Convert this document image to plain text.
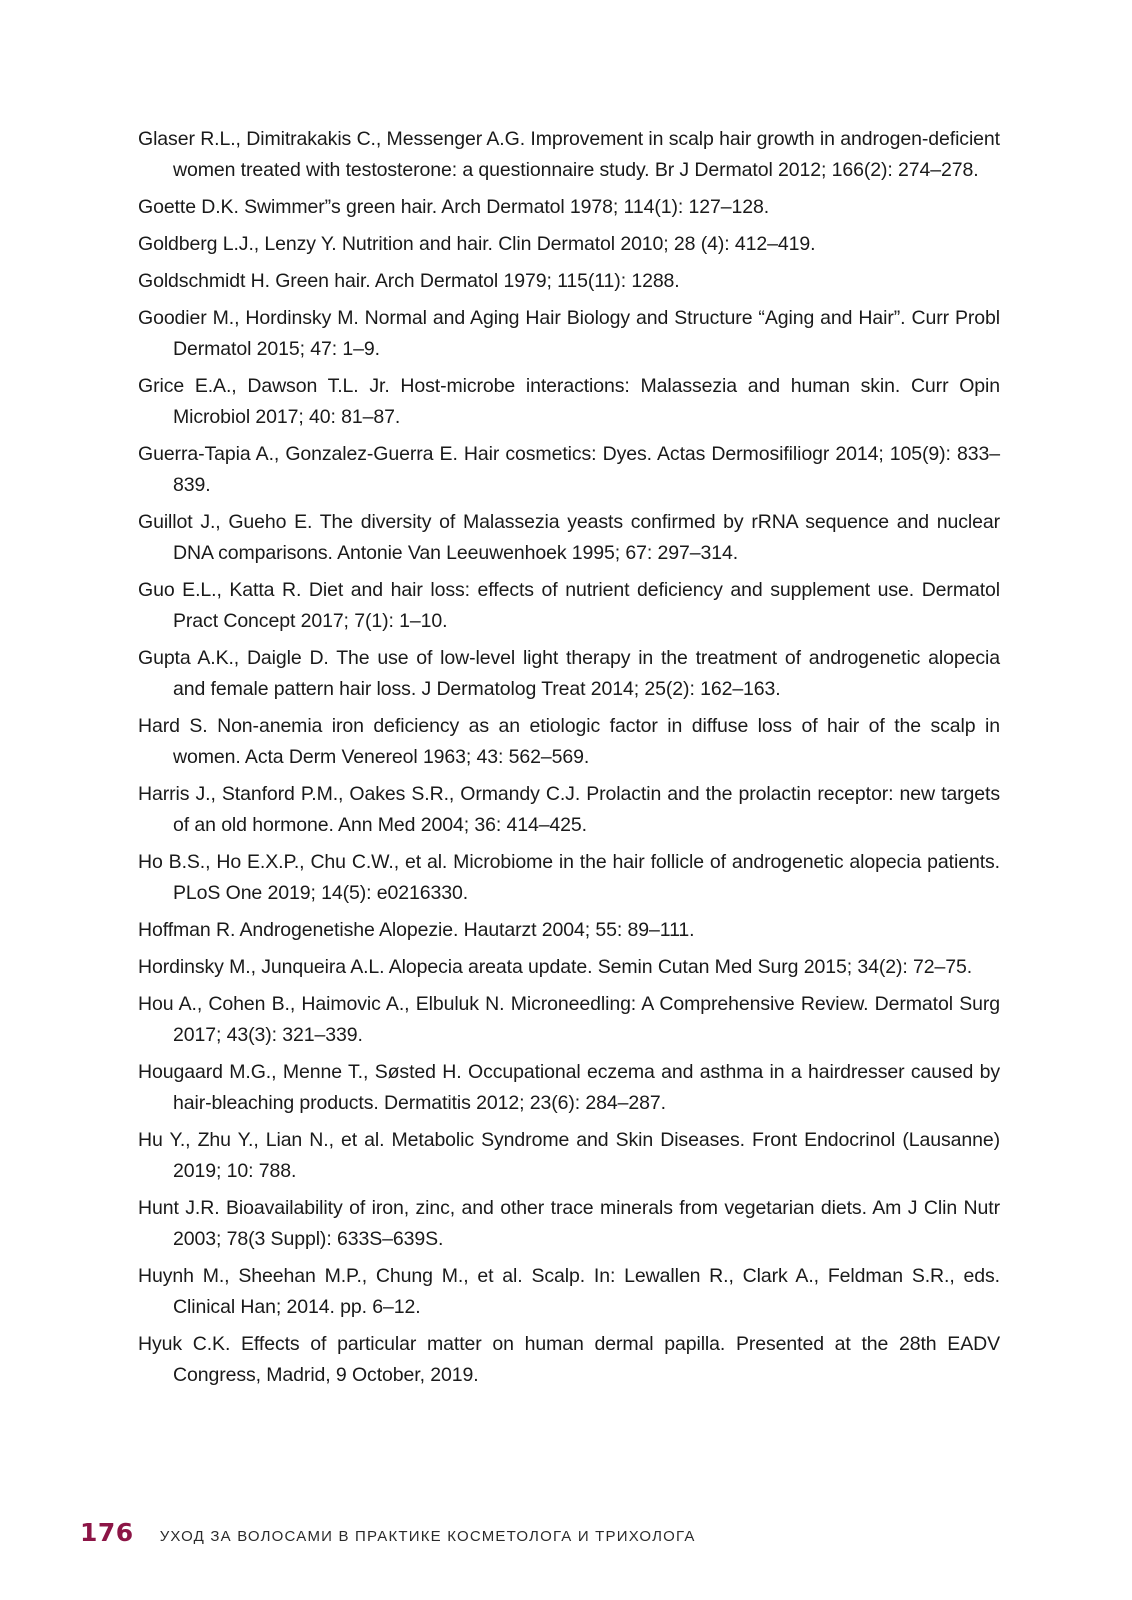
Glaser R.L., Dimitrakakis C., Messenger A.G. Improvement in scalp hair growth in androgen-deficient women treated with testosterone: a questionnaire study. Br J Dermatol 2012; 166(2): 274–278.

Goette D.K. Swimmer”s green hair. Arch Dermatol 1978; 114(1): 127–128.

Goldberg L.J., Lenzy Y. Nutrition and hair. Clin Dermatol 2010; 28 (4): 412–419.

Goldschmidt H. Green hair. Arch Dermatol 1979; 115(11): 1288.

Goodier M., Hordinsky M. Normal and Aging Hair Biology and Structure “Aging and Hair”. Curr Probl Dermatol 2015; 47: 1–9.

Grice E.A., Dawson T.L. Jr. Host-microbe interactions: Malassezia and human skin. Curr Opin Microbiol 2017; 40: 81–87.

Guerra-Tapia A., Gonzalez-Guerra E. Hair cosmetics: Dyes. Actas Dermosifiliogr 2014; 105(9): 833–839.

Guillot J., Gueho E. The diversity of Malassezia yeasts confirmed by rRNA sequence and nuclear DNA comparisons. Antonie Van Leeuwenhoek 1995; 67: 297–314.

Guo E.L., Katta R. Diet and hair loss: effects of nutrient deficiency and supplement use. Dermatol Pract Concept 2017; 7(1): 1–10.

Gupta A.K., Daigle D. The use of low-level light therapy in the treatment of androgenetic alopecia and female pattern hair loss. J Dermatolog Treat 2014; 25(2): 162–163.

Hard S. Non-anemia iron deficiency as an etiologic factor in diffuse loss of hair of the scalp in women. Acta Derm Venereol 1963; 43: 562–569.

Harris J., Stanford P.M., Oakes S.R., Ormandy C.J. Prolactin and the prolactin receptor: new targets of an old hormone. Ann Med 2004; 36: 414–425.

Ho B.S., Ho E.X.P., Chu C.W., et al. Microbiome in the hair follicle of androgenetic alopecia patients. PLoS One 2019; 14(5): e0216330.

Hoffman R. Androgenetishe Alopezie. Hautarzt 2004; 55: 89–111.

Hordinsky M., Junqueira A.L. Alopecia areata update. Semin Cutan Med Surg 2015; 34(2): 72–75.

Hou A., Cohen B., Haimovic A., Elbuluk N. Microneedling: A Comprehensive Review. Dermatol Surg 2017; 43(3): 321–339.

Hougaard M.G., Menne T., Søsted H. Occupational eczema and asthma in a hairdresser caused by hair-bleaching products. Dermatitis 2012; 23(6): 284–287.

Hu Y., Zhu Y., Lian N., et al. Metabolic Syndrome and Skin Diseases. Front Endocrinol (Lausanne) 2019; 10: 788.

Hunt J.R. Bioavailability of iron, zinc, and other trace minerals from vegetarian diets. Am J Clin Nutr 2003; 78(3 Suppl): 633S–639S.

Huynh M., Sheehan M.P., Chung M., et al. Scalp. In: Lewallen R., Clark A., Feldman S.R., eds. Clinical Han; 2014. pp. 6–12.

Hyuk C.K. Effects of particular matter on human dermal papilla. Presented at the 28th EADV Congress, Madrid, 9 October, 2019.

176 УХОД ЗА ВОЛОСАМИ В ПРАКТИКЕ КОСМЕТОЛОГА И ТРИХОЛОГА
